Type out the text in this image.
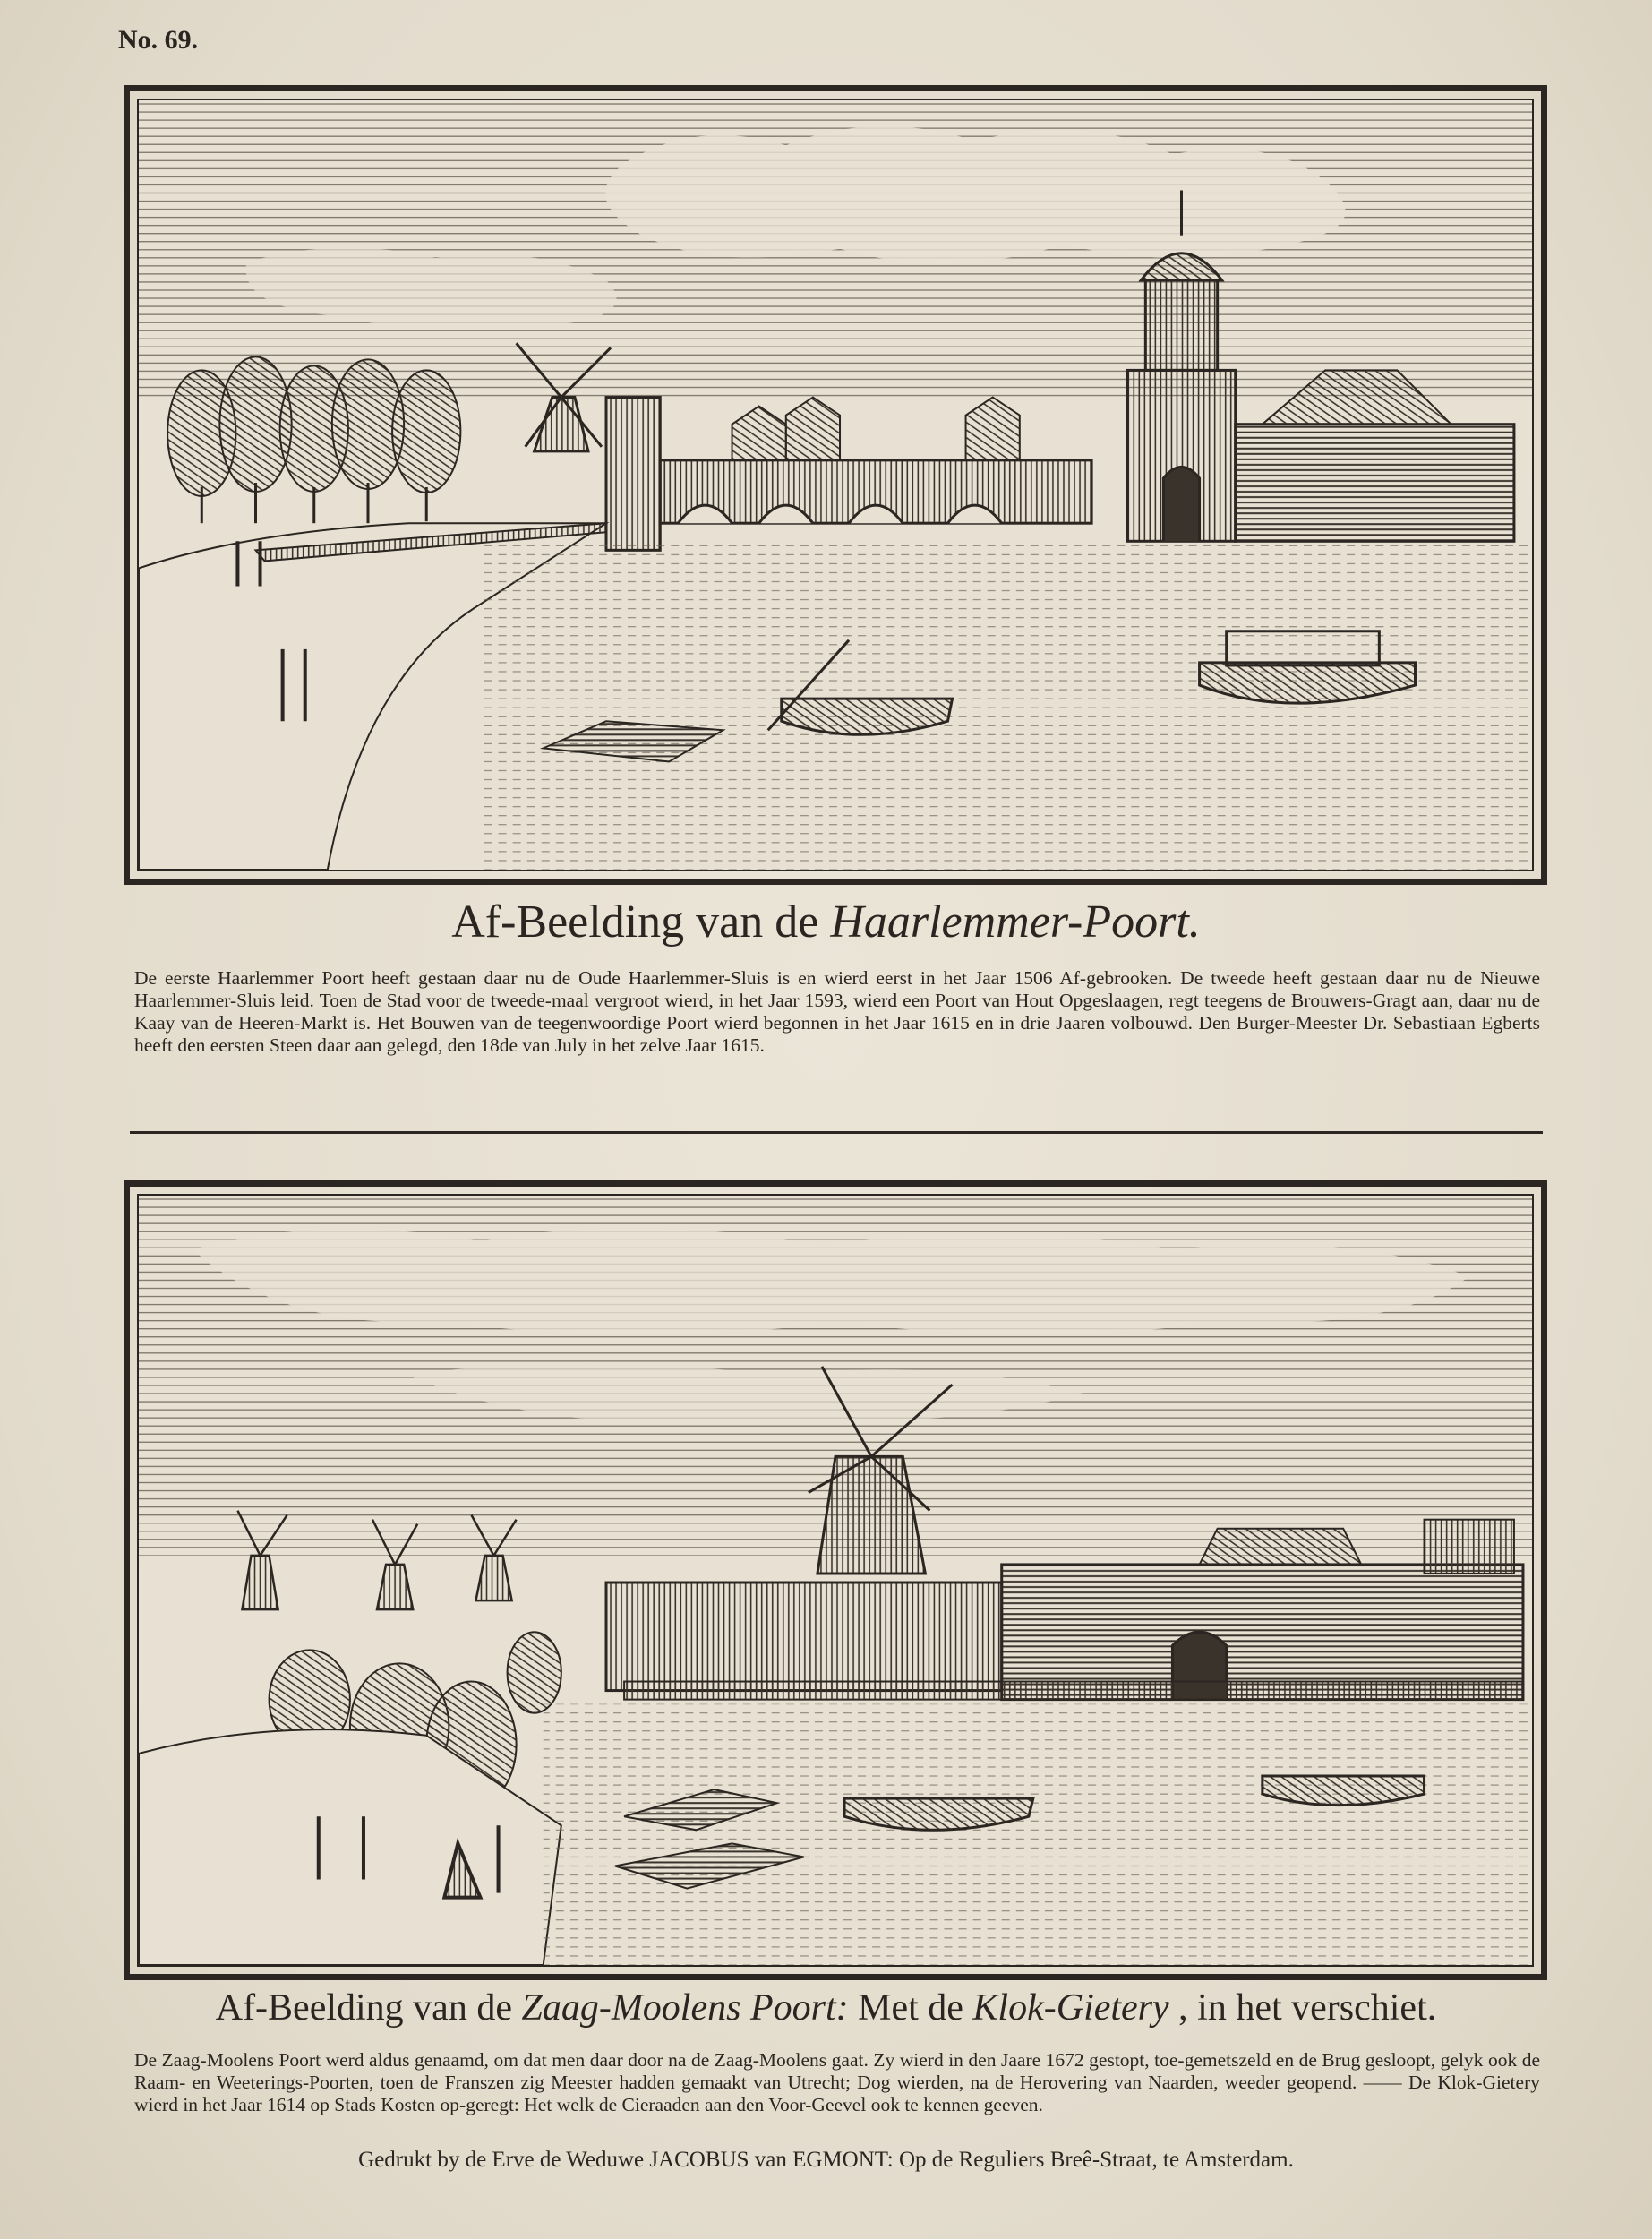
No. 69.
Af-Beelding van de Haarlemmer-Poort.
De eerste Haarlemmer Poort heeft gestaan daar nu de Oude Haarlemmer-Sluis is en wierd eerst in het Jaar 1506 Af-gebrooken. De tweede heeft gestaan daar nu de Nieuwe Haarlemmer-Sluis leid. Toen de Stad voor de tweede-maal vergroot wierd, in het Jaar 1593, wierd een Poort van Hout Opgeslaagen, regt teegens de Brouwers-Gragt aan, daar nu de Kaay van de Heeren-Markt is. Het Bouwen van de teegenwoordige Poort wierd begonnen in het Jaar 1615 en in drie Jaaren volbouwd. Den Burger-Meester Dr. Sebastiaan Egberts heeft den eersten Steen daar aan gelegd, den 18de van July in het zelve Jaar 1615.
Af-Beelding van de Zaag-Moolens Poort: Met de Klok-Gietery , in het verschiet.
De Zaag-Moolens Poort werd aldus genaamd, om dat men daar door na de Zaag-Moolens gaat. Zy wierd in den Jaare 1672 gestopt, toe-gemetszeld en de Brug gesloopt, gelyk ook de Raam- en Weeterings-Poorten, toen de Franszen zig Meester hadden gemaakt van Utrecht; Dog wierden, na de Herovering van Naarden, weeder geopend. —— De Klok-Gietery wierd in het Jaar 1614 op Stads Kosten op-geregt: Het welk de Cieraaden aan den Voor-Geevel ook te kennen geeven.
Gedrukt by de Erve de Weduwe JACOBUS van EGMONT: Op de Reguliers Breê-Straat, te Amsterdam.
